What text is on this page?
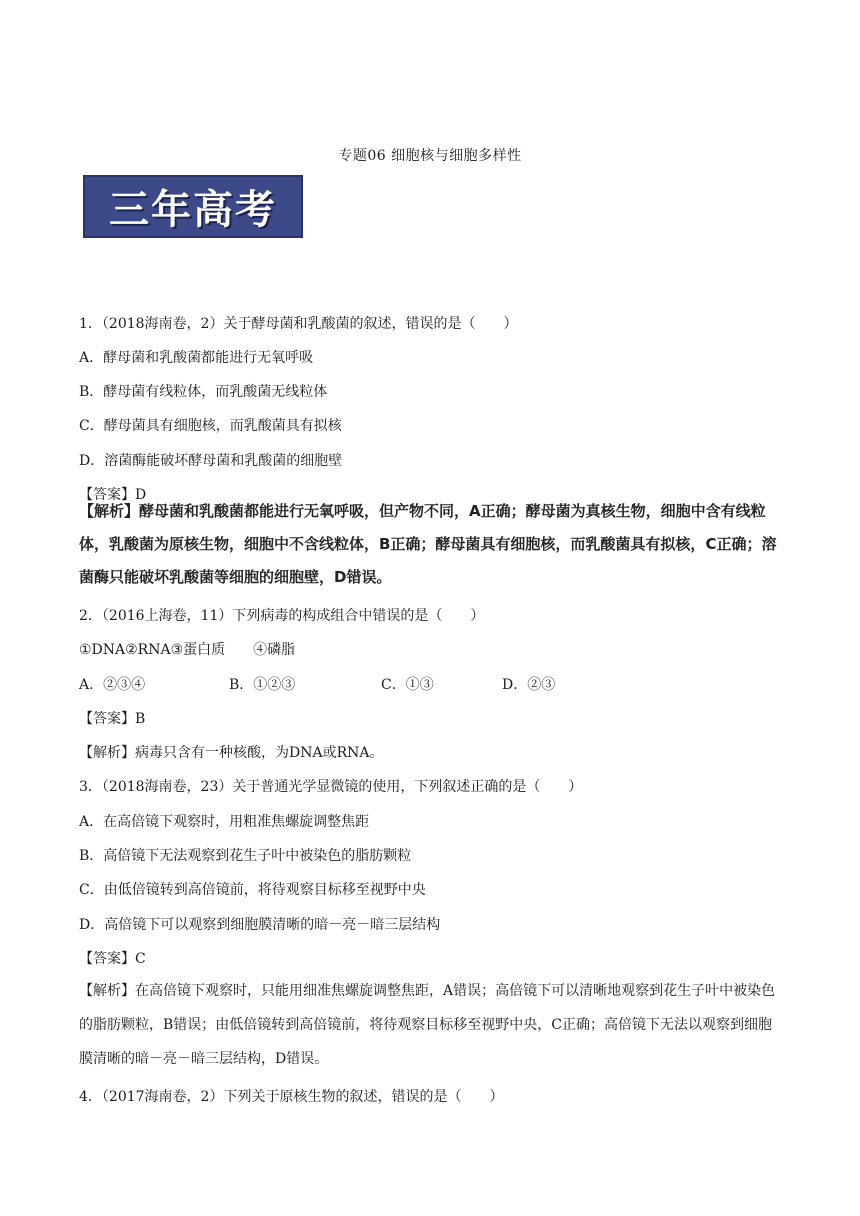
专题06 细胞核与细胞多样性
三年高考
1．（2018海南卷，2）关于酵母菌和乳酸菌的叙述，错误的是（　　）
A．酵母菌和乳酸菌都能进行无氧呼吸
B．酵母菌有线粒体，而乳酸菌无线粒体
C．酵母菌具有细胞核，而乳酸菌具有拟核
D．溶菌酶能破坏酵母菌和乳酸菌的细胞壁
【答案】D
【解析】酵母菌和乳酸菌都能进行无氧呼吸，但产物不同，A正确；酵母菌为真核生物，细胞中含有线粒体，乳酸菌为原核生物，细胞中不含线粒体，B正确；酵母菌具有细胞核，而乳酸菌具有拟核，C正确；溶菌酶只能破坏乳酸菌等细胞的细胞壁，D错误。
2．（2016上海卷，11）下列病毒的构成组合中错误的是（　　）
①DNA②RNA③蛋白质　　④磷脂
A．②③④	B．①②③	C．①③	D．②③
【答案】B
【解析】病毒只含有一种核酸，为DNA或RNA。
3．（2018海南卷，23）关于普通光学显微镜的使用，下列叙述正确的是（　　）
A．在高倍镜下观察时，用粗准焦螺旋调整焦距
B．高倍镜下无法观察到花生子叶中被染色的脂肪颗粒
C．由低倍镜转到高倍镜前，将待观察目标移至视野中央
D．高倍镜下可以观察到细胞膜清晰的暗－亮－暗三层结构
【答案】C
【解析】在高倍镜下观察时，只能用细准焦螺旋调整焦距，A错误；高倍镜下可以清晰地观察到花生子叶中被染色的脂肪颗粒，B错误；由低倍镜转到高倍镜前，将待观察目标移至视野中央，C正确；高倍镜下无法以观察到细胞膜清晰的暗－亮－暗三层结构，D错误。
4．（2017海南卷，2）下列关于原核生物的叙述，错误的是（　　）
